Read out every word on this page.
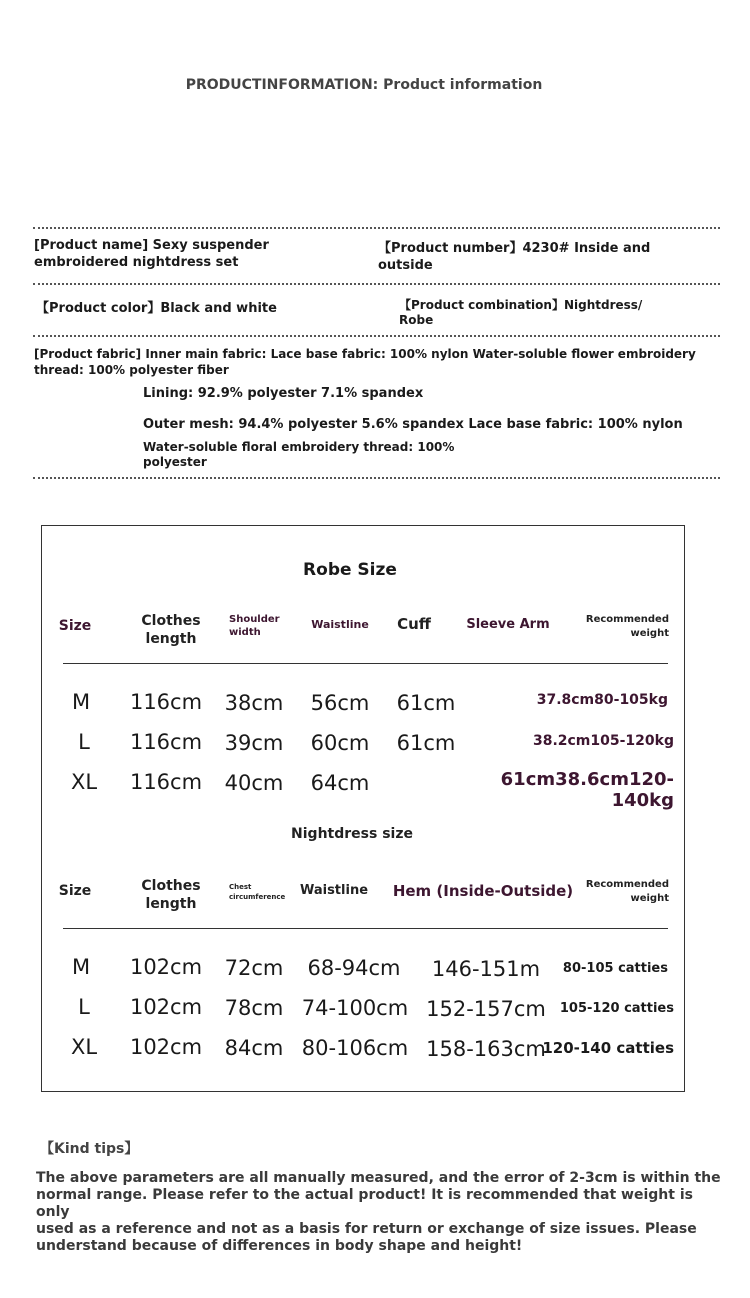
PRODUCTINFORMATION: Product information
[Product name] Sexy suspender
embroidered nightdress set
【Product number】4230# Inside and
outside
【Product color】Black and white	【Product combination】Nightdress/
Robe
[Product fabric] Inner main fabric: Lace base fabric: 100% nylon Water-soluble flower embroidery
thread: 100% polyester fiber
Lining: 92.9% polyester 7.1% spandex
Outer mesh: 94.4% polyester 5.6% spandex Lace base fabric: 100% nylon
Water-soluble floral embroidery thread: 100%
polyester
Robe Size
Size	Clothes
length
Shoulder
width
Waistline	Cuff	Sleeve Arm	Recommended
weight
M	116cm 38cm 56cm 61cm	37.8cm80-105kg
L	116cm 39cm 60cm 61cm	38.2cm105-120kg
XL	116cm 40cm 64cm	61cm38.6cm120-140kg
Nightdress size
Size	Clothes
length
Chest
circumference	Waistline Hem (Inside-Outside)	Recommended
weight
M	102cm 72cm	68-94cm	146-151m	80-105 catties
L	102cm 78cm 74-100cm 152-157cm	105-120 catties
XL	102cm 84cm 80-106cm 158-163cm
120-140 catties
【Kind tips】
The above parameters are all manually measured, and the error of 2-3cm is within the
normal range. Please refer to the actual product! It is recommended that weight is only
used as a reference and not as a basis for return or exchange of size issues. Please
understand because of differences in body shape and height!
